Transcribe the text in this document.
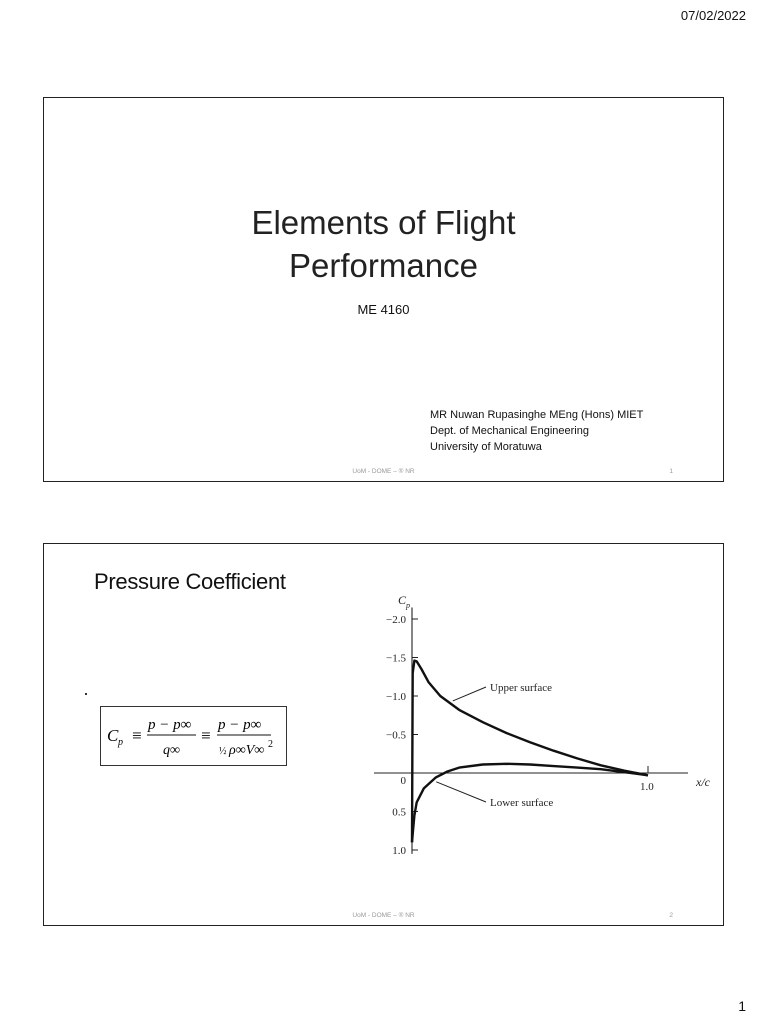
07/02/2022
Elements of Flight
Performance
ME 4160
MR Nuwan Rupasinghe MEng (Hons) MIET
Dept. of Mechanical Engineering
University of Moratuwa
UoM - DOME – ® NR	1
Pressure Coefficient
C p ≡
p − p∞
q∞
≡
p − p∞
½ ρ∞V∞ 2
−2.0
−1.5
−1.0
−0.5
0
0.5
1.0
1.0
C p
x/c
Upper surface
Lower surface
UoM - DOME – ® NR	2
1
